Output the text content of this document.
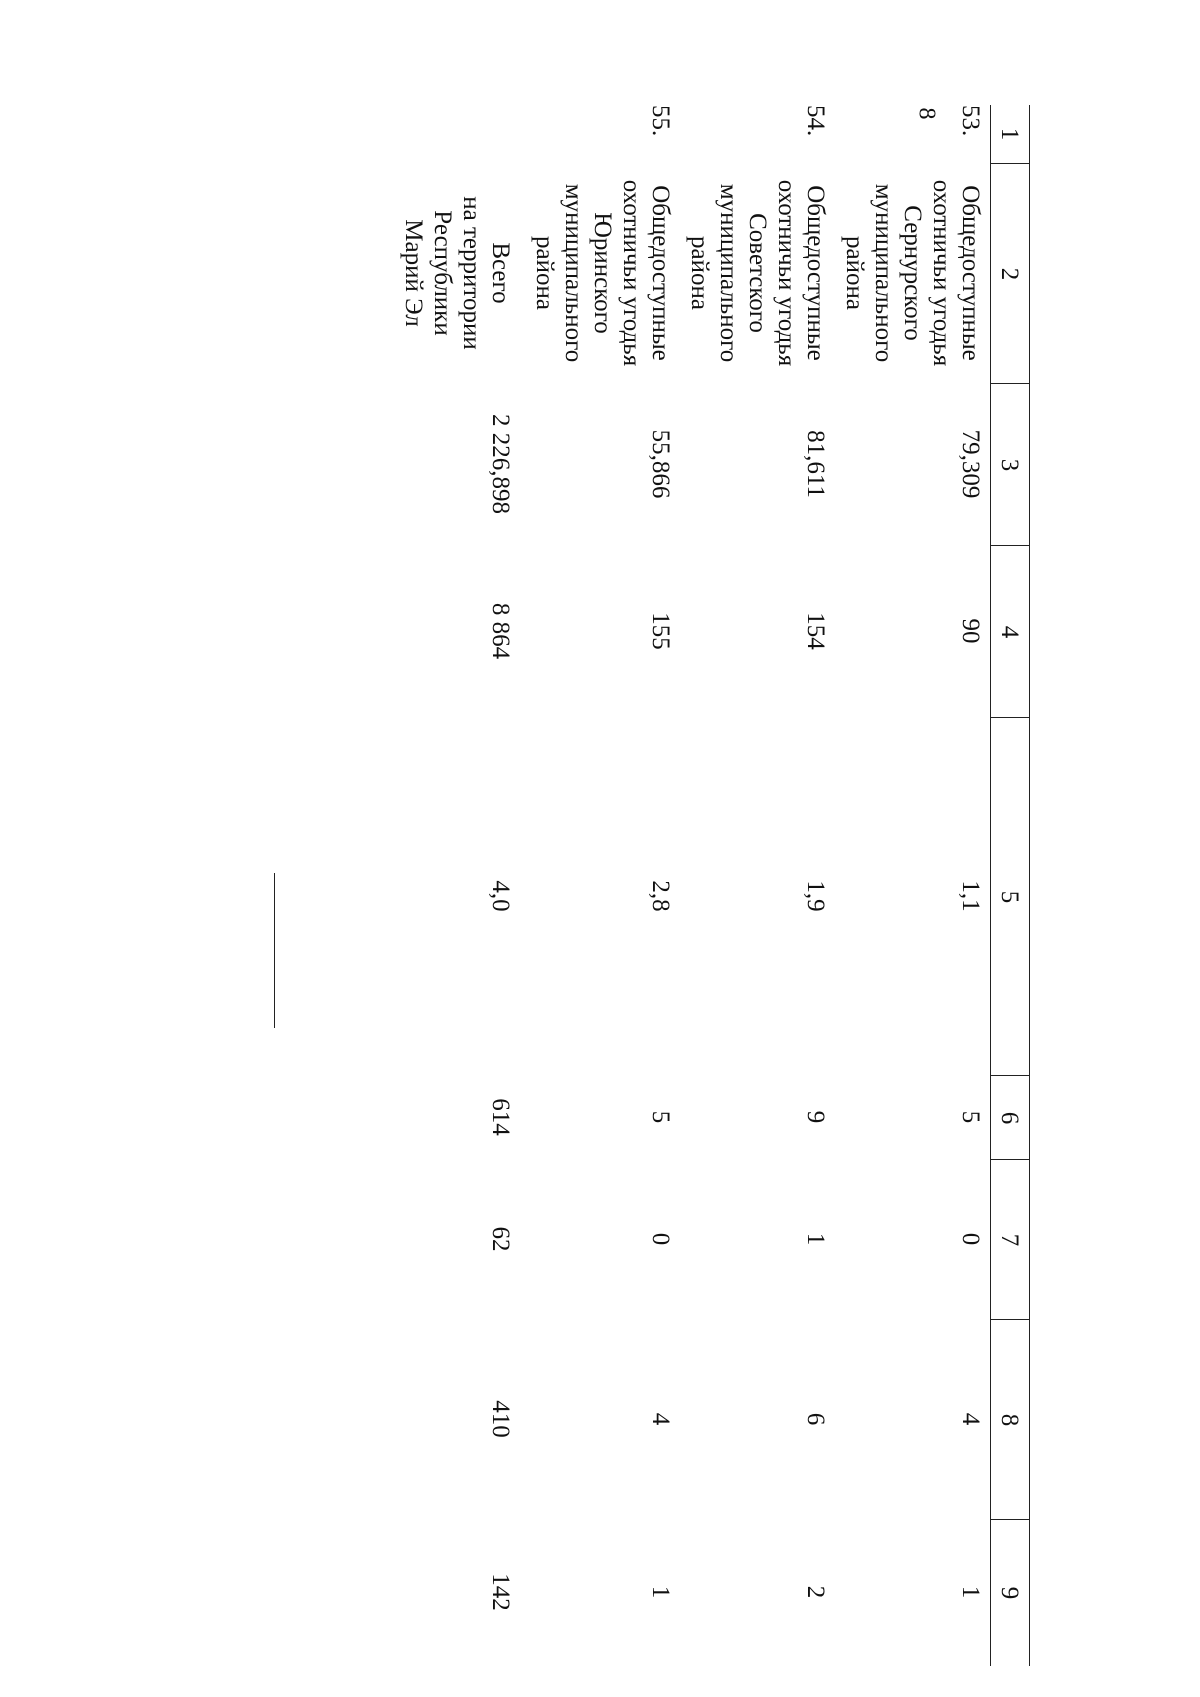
8
1
2
3
4
5
6
7
8
9
53.
Общедоступные
охотничьи угодья
Сернурского
муниципального
района
79,309
90
1,1
5
0
4
1
54.
Общедоступные
охотничьи угодья
Советского
муниципального
района
81,611
154
1,9
9
1
6
2
55.
Общедоступные
охотничьи угодья
Юринского
муниципального
района
55,866
155
2,8
5
0
4
1
Всего
на территории
Республики
Марий Эл
2 226,898
8 864
4,0
614
62
410
142
